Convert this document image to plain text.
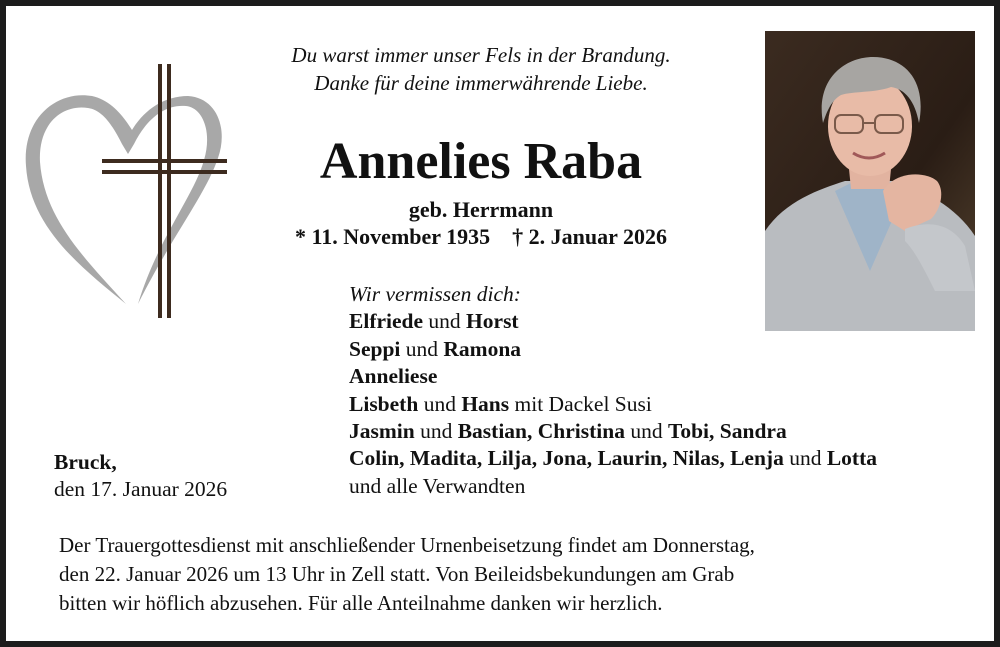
Du warst immer unser Fels in der Brandung.
Danke für deine immerwährende Liebe.
Annelies Raba
geb. Herrmann
* 11. November 1935 † 2. Januar 2026
Wir vermissen dich:
Elfriede und Horst
Seppi und Ramona
Anneliese
Lisbeth und Hans mit Dackel Susi
Jasmin und Bastian, Christina und Tobi, Sandra
Colin, Madita, Lilja, Jona, Laurin, Nilas, Lenja und Lotta
und alle Verwandten
Bruck,
den 17. Januar 2026
Der Trauergottesdienst mit anschließender Urnenbeisetzung findet am Donnerstag,
den 22. Januar 2026 um 13 Uhr in Zell statt. Von Beileidsbekundungen am Grab
bitten wir höflich abzusehen. Für alle Anteilnahme danken wir herzlich.
